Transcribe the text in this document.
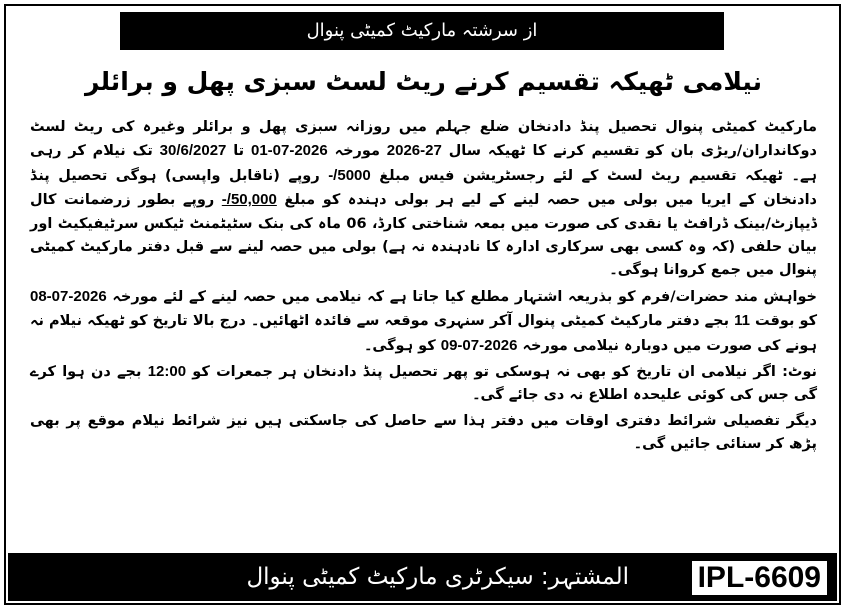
از سرشتہ مارکیٹ کمیٹی پنوال
نیلامی ٹھیکہ تقسیم کرنے ریٹ لسٹ سبزی پھل و برائلر

مارکیٹ کمیٹی پنوال تحصیل پنڈ دادنخان ضلع جہلم میں روزانہ سبزی پھل و برائلر وغیرہ کی ریٹ لسٹ دوکانداران/ریڑی بان کو تقسیم کرنے کا ٹھیکہ سال 2026-27 مورخہ 01-07-2026 تا 30/6/2027 تک نیلام کر رہی ہے۔ ٹھیکہ تقسیم ریٹ لسٹ کے لئے رجسٹریشن فیس مبلغ -/5000 روپے (ناقابل واپسی) ہوگی تحصیل پنڈ دادنخان کے ایریا میں بولی میں حصہ لینے کے لیے ہر بولی دہندہ کو مبلغ -/50,000 روپے بطور زرضمانت کال ڈیپازٹ/بینک ڈرافٹ یا نقدی کی صورت میں بمعہ شناختی کارڈ، 06 ماہ کی بنک سٹیٹمنٹ ٹیکس سرٹیفیکیٹ اور بیان حلفی (کہ وہ کسی بھی سرکاری ادارہ کا نادہندہ نہ ہے) بولی میں حصہ لینے سے قبل دفتر مارکیٹ کمیٹی پنوال میں جمع کروانا ہوگی۔

خواہش مند حضرات/فرم کو بذریعہ اشتہار مطلع کیا جاتا ہے کہ نیلامی میں حصہ لینے کے لئے مورخہ 08-07-2026 کو بوقت 11 بجے دفتر مارکیٹ کمیٹی پنوال آکر سنہری موقعہ سے فائدہ اٹھائیں۔ درج بالا تاریخ کو ٹھیکہ نیلام نہ ہونے کی صورت میں دوبارہ نیلامی مورخہ 09-07-2026 کو ہوگی۔

نوٹ: اگر نیلامی ان تاریخ کو بھی نہ ہوسکی تو پھر تحصیل پنڈ دادنخان ہر جمعرات کو 12:00 بجے دن ہوا کرے گی جس کی کوئی علیحدہ اطلاع نہ دی جائے گی۔

دیگر تفصیلی شرائط دفتری اوقات میں دفتر ہذا سے حاصل کی جاسکتی ہیں نیز شرائط نیلام موقع پر بھی پڑھ کر سنائی جائیں گی۔

المشتہر: سیکرٹری مارکیٹ کمیٹی پنوال IPL-6609
